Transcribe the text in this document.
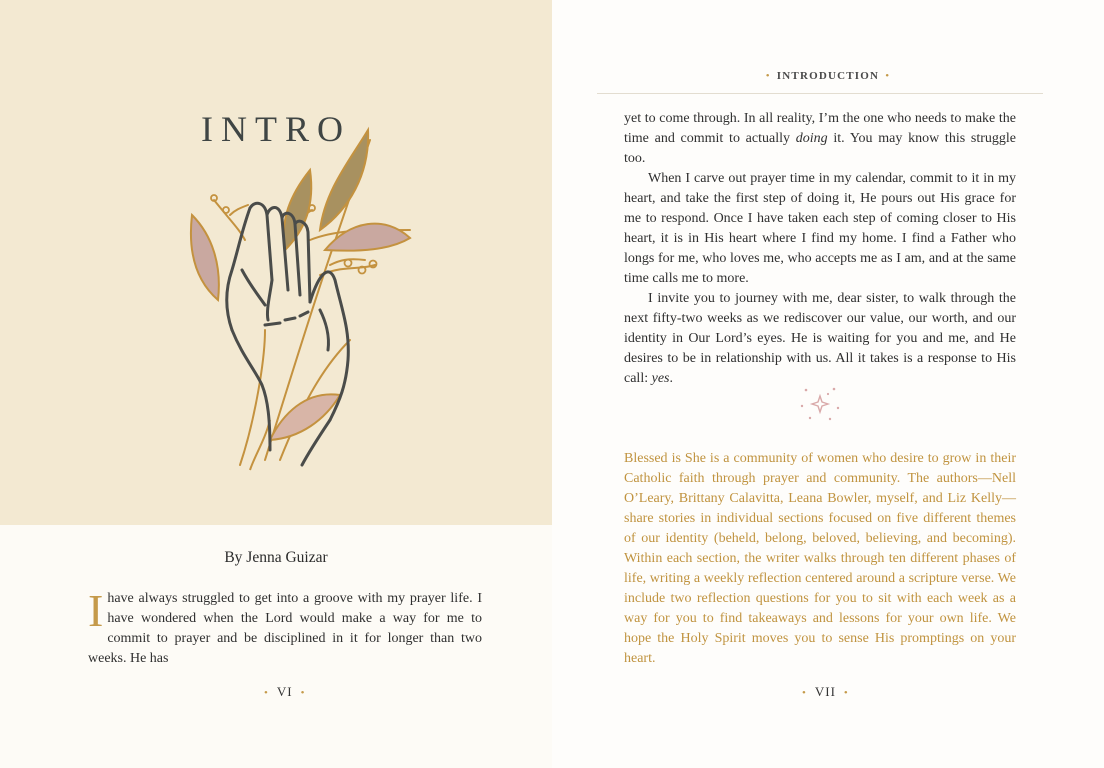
INTRO

By Jenna Guizar

Ihave always struggled to get into a groove with my prayer life. I have wondered when the Lord would make a way for me to commit to prayer and be disciplined in it for longer than two weeks. He has

• VI •
• INTRODUCTION •

yet to come through. In all reality, I’m the one who needs to make the time and commit to actually doing it. You may know this struggle too.

When I carve out prayer time in my calendar, commit to it in my heart, and take the first step of doing it, He pours out His grace for me to respond. Once I have taken each step of coming closer to His heart, it is in His heart where I find my home. I find a Father who longs for me, who loves me, who accepts me as I am, and at the same time calls me to more.

I invite you to journey with me, dear sister, to walk through the next fifty-two weeks as we rediscover our value, our worth, and our identity in Our Lord’s eyes. He is waiting for you and me, and He desires to be in relationship with us. All it takes is a response to His call: yes.

Blessed is She is a community of women who desire to grow in their Catholic faith through prayer and community. The authors—Nell O’Leary, Brittany Calavitta, Leana Bowler, myself, and Liz Kelly—share stories in individual sections focused on five different themes of our identity (beheld, belong, beloved, believing, and becoming). Within each section, the writer walks through ten different phases of life, writing a weekly reflection centered around a scripture verse. We include two reflection questions for you to sit with each week as a way for you to find takeaways and lessons for your own life. We hope the Holy Spirit moves you to sense His promptings on your heart.

• VII •
